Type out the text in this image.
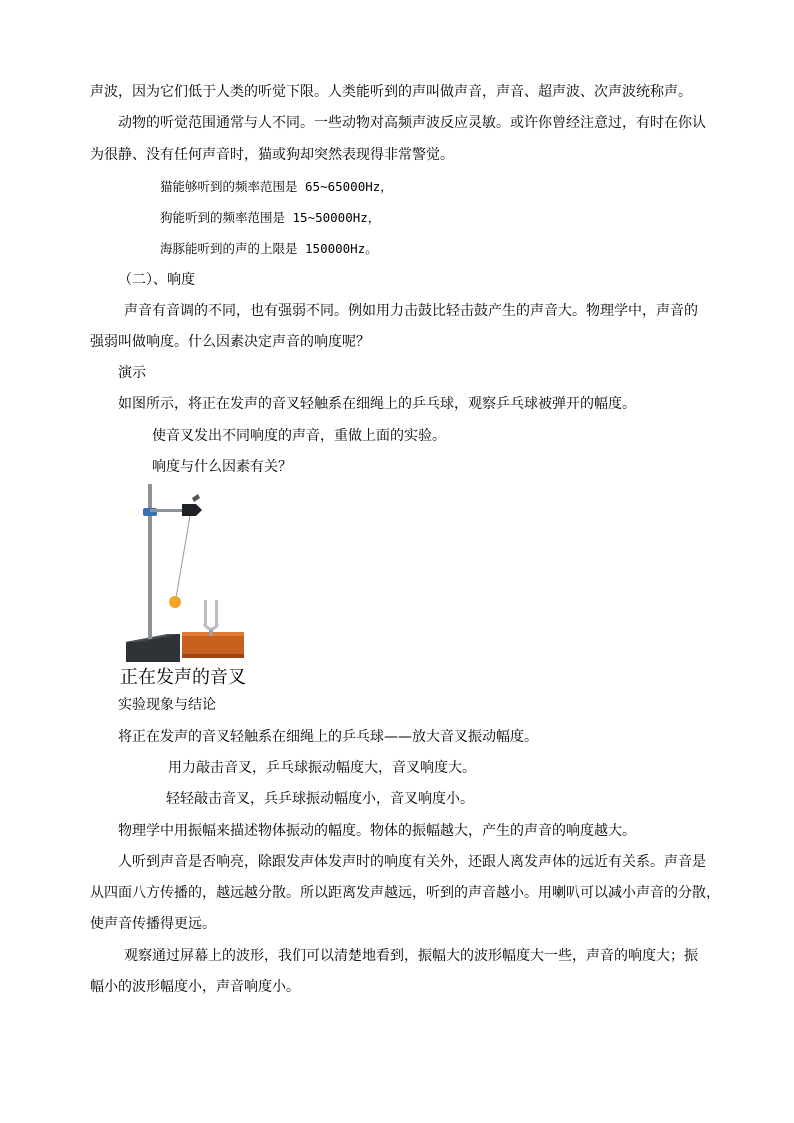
声波，因为它们低于人类的听觉下限。人类能听到的声叫做声音，声音、超声波、次声波统称声。
动物的听觉范围通常与人不同。一些动物对高频声波反应灵敏。或许你曾经注意过，有时在你认
为很静、没有任何声音时，猫或狗却突然表现得非常警觉。
猫能够听到的频率范围是 65~65000Hz，
狗能听到的频率范围是 15~50000Hz，
海豚能听到的声的上限是 150000Hz。
（二）、响度
声音有音调的不同，也有强弱不同。例如用力击鼓比轻击鼓产生的声音大。物理学中，声音的
强弱叫做响度。什么因素决定声音的响度呢？
演示
如图所示，将正在发声的音叉轻触系在细绳上的乒乓球，观察乒乓球被弹开的幅度。
使音叉发出不同响度的声音，重做上面的实验。
响度与什么因素有关？
正在发声的音叉
实验现象与结论
将正在发声的音叉轻触系在细绳上的乒乓球——放大音叉振动幅度。
用力敲击音叉，乒乓球振动幅度大，音叉响度大。
轻轻敲击音叉，兵乒球振动幅度小，音叉响度小。
物理学中用振幅来描述物体振动的幅度。物体的振幅越大，产生的声音的响度越大。
人听到声音是否响亮，除跟发声体发声时的响度有关外，还跟人离发声体的远近有关系。声音是
从四面八方传播的，越远越分散。所以距离发声越远，听到的声音越小。用喇叭可以减小声音的分散，
使声音传播得更远。
观察通过屏幕上的波形，我们可以清楚地看到，振幅大的波形幅度大一些，声音的响度大；振
幅小的波形幅度小，声音响度小。
